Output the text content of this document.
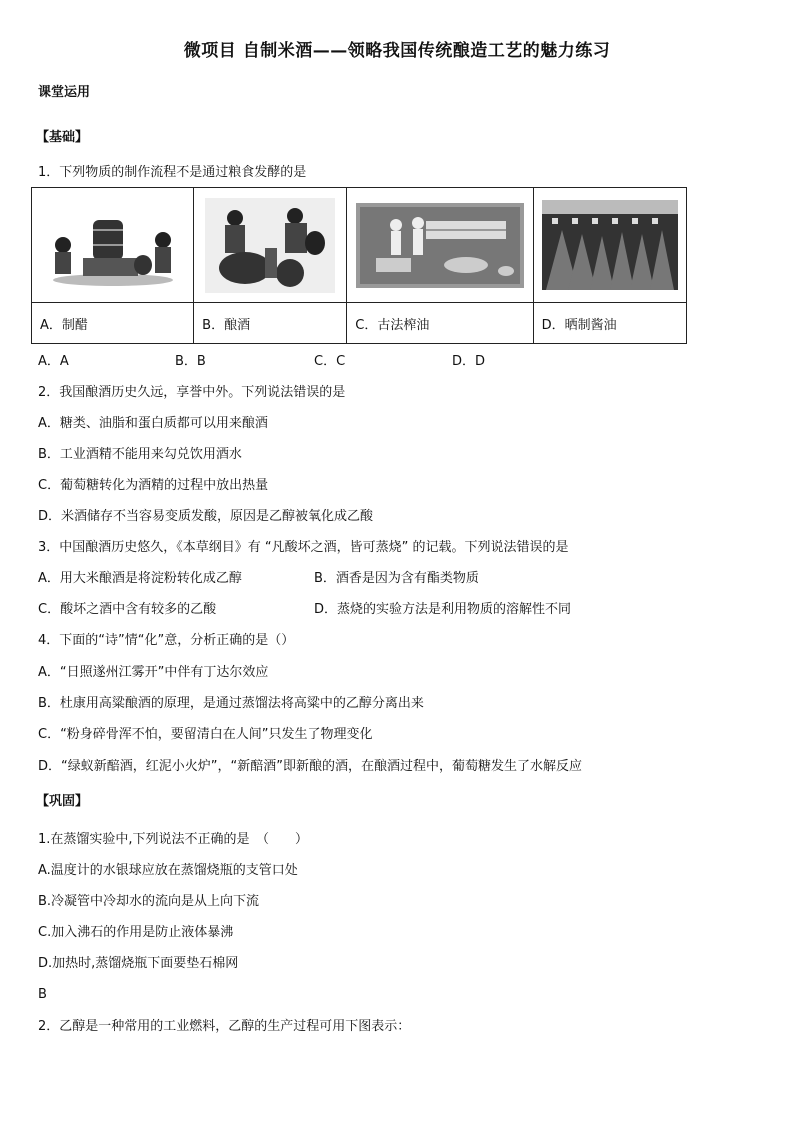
微项目 自制米酒——领略我国传统酿造工艺的魅力练习
课堂运用
【基础】
1．下列物质的制作流程不是通过粮食发酵的是

A．制醋	B．酿酒	C．古法榨油	D．晒制酱油
A．A	B．B	C．C	D．D
2．我国酿酒历史久远，享誉中外。下列说法错误的是
A．糖类、油脂和蛋白质都可以用来酿酒
B．工业酒精不能用来勾兑饮用酒水
C．葡萄糖转化为酒精的过程中放出热量
D．米酒储存不当容易变质发酸，原因是乙醇被氧化成乙酸
3．中国酿酒历史悠久，《本草纲目》有 “凡酸坏之酒，皆可蒸烧” 的记载。下列说法错误的是
A．用大米酿酒是将淀粉转化成乙醇	B．酒香是因为含有酯类物质
C．酸坏之酒中含有较多的乙酸	D．蒸烧的实验方法是利用物质的溶解性不同
4．下面的“诗”情“化”意，分析正确的是（）
A．“日照遂州江雾开”中伴有丁达尔效应
B．杜康用高粱酿酒的原理，是通过蒸馏法将高粱中的乙醇分离出来
C．“粉身碎骨浑不怕，要留清白在人间”只发生了物理变化
D．“绿蚁新醅酒，红泥小火炉”，“新醅酒”即新酿的酒，在酿酒过程中，葡萄糖发生了水解反应
【巩固】
1.在蒸馏实验中,下列说法不正确的是　（　　）
A.温度计的水银球应放在蒸馏烧瓶的支管口处
B.冷凝管中冷却水的流向是从上向下流
C.加入沸石的作用是防止液体暴沸
D.加热时,蒸馏烧瓶下面要垫石棉网
B
2．乙醇是一种常用的工业燃料，乙醇的生产过程可用下图表示：
